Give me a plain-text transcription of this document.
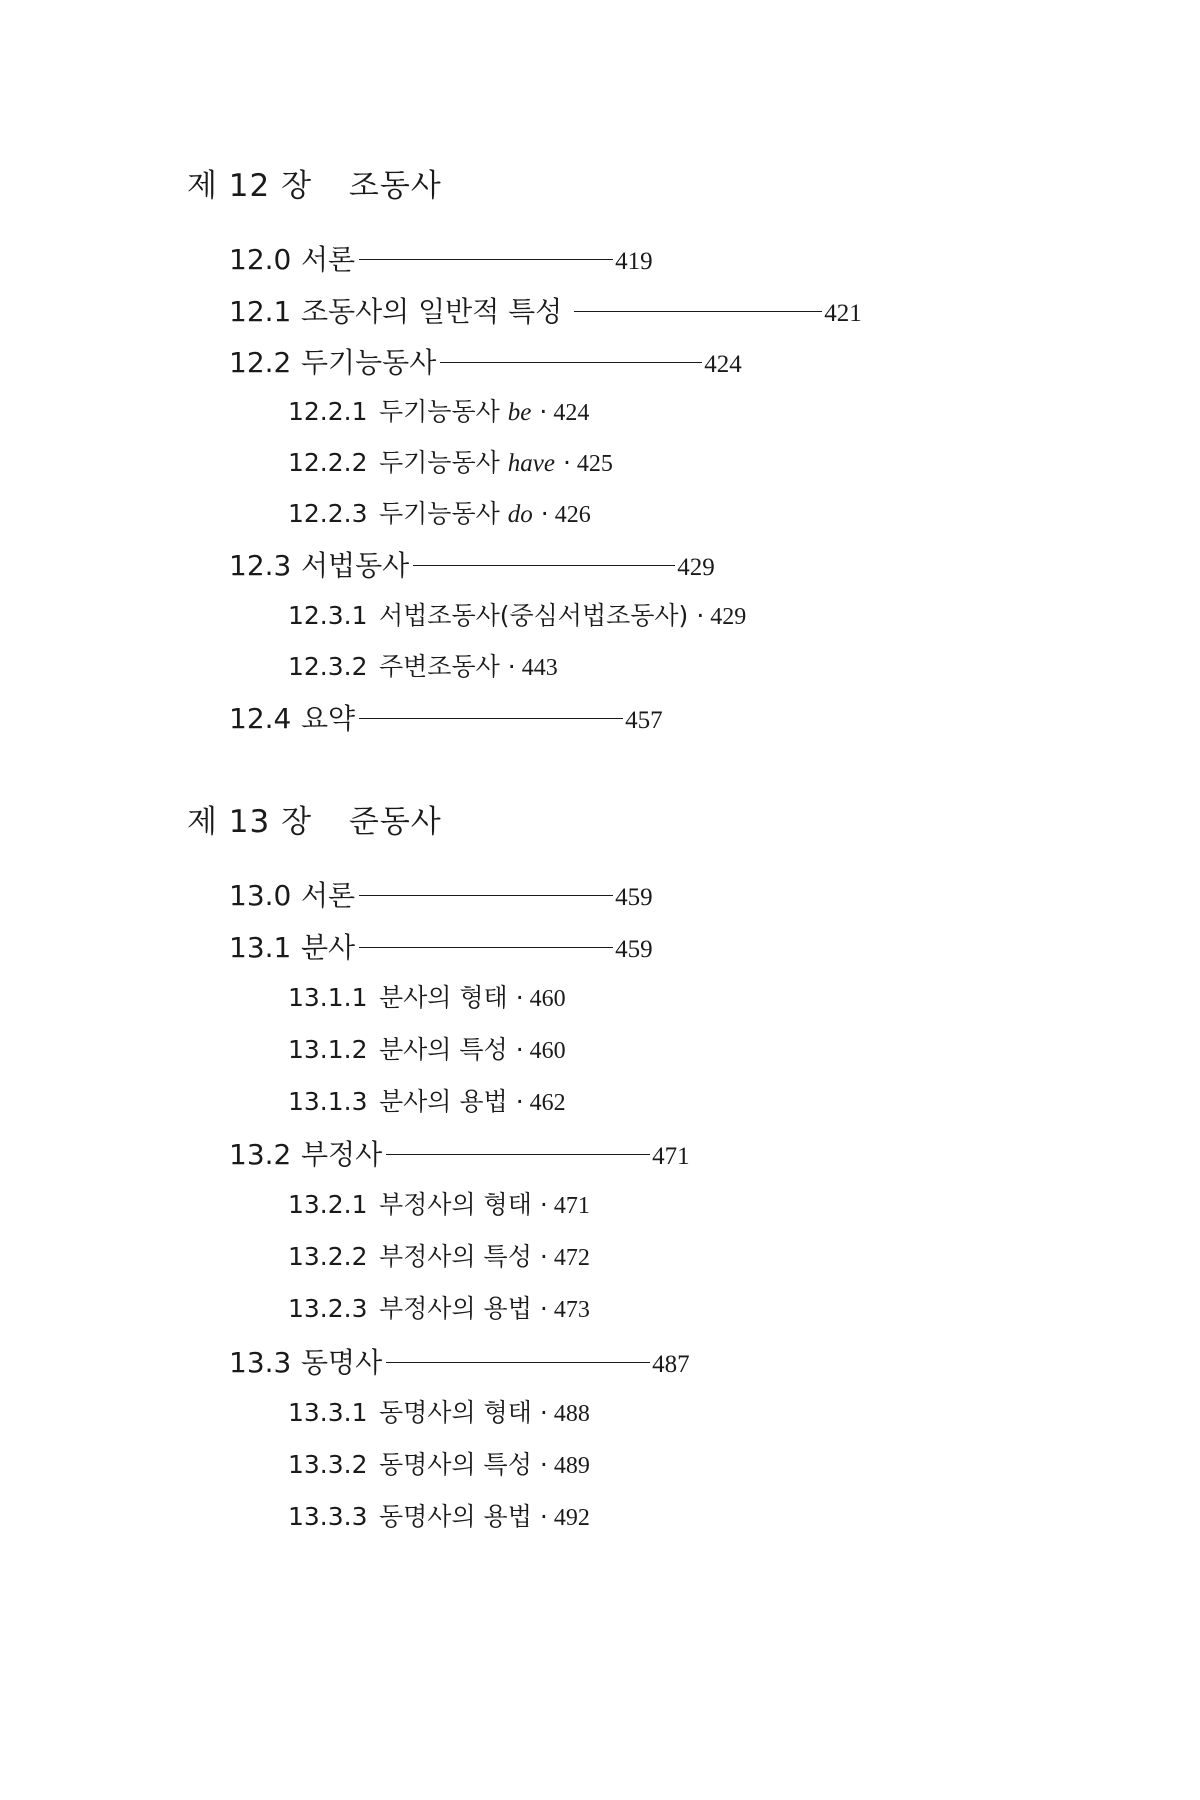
제 12 장 조동사
12.0 서론	419
12.1 조동사의 일반적 특성	421
12.2 두기능동사	424
12.2.1 두기능동사 be · 424
12.2.2 두기능동사 have · 425
12.2.3 두기능동사 do · 426
12.3 서법동사	429
12.3.1 서법조동사(중심서법조동사) · 429
12.3.2 주변조동사 · 443
12.4 요약	457
제 13 장 준동사
13.0 서론	459
13.1 분사	459
13.1.1 분사의 형태 · 460
13.1.2 분사의 특성 · 460
13.1.3 분사의 용법 · 462
13.2 부정사	471
13.2.1 부정사의 형태 · 471
13.2.2 부정사의 특성 · 472
13.2.3 부정사의 용법 · 473
13.3 동명사	487
13.3.1 동명사의 형태 · 488
13.3.2 동명사의 특성 · 489
13.3.3 동명사의 용법 · 492
